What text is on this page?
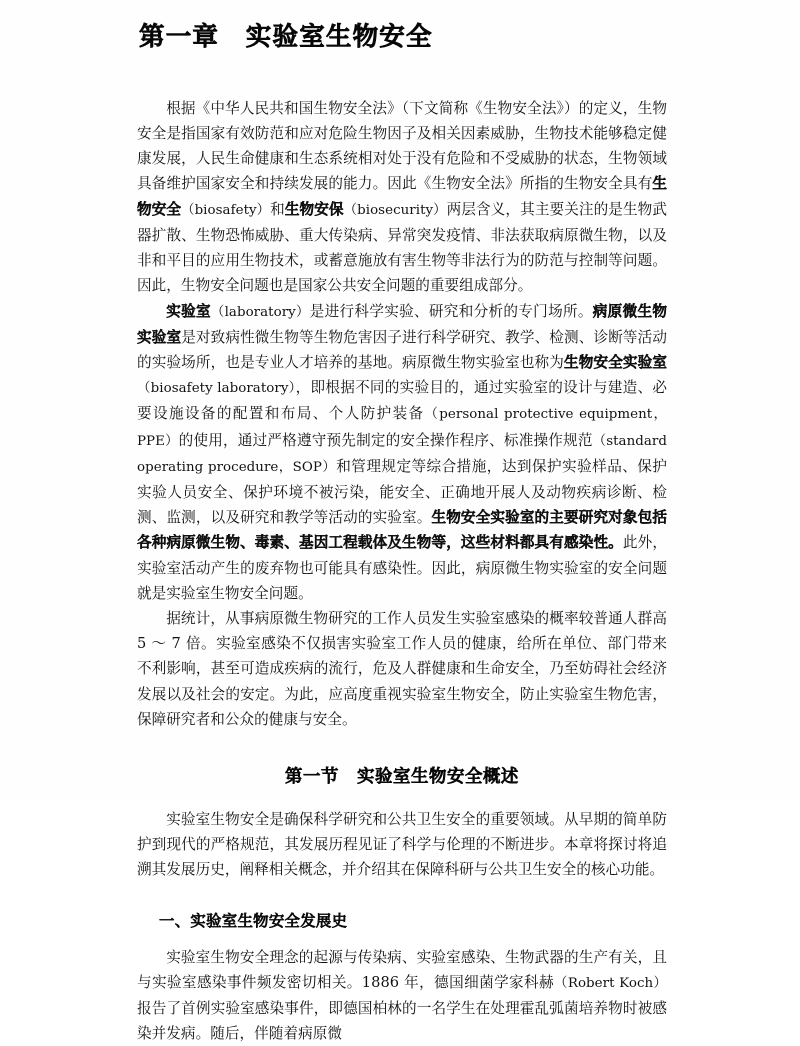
第一章　实验室生物安全

根据《中华人民共和国生物安全法》（下文简称《生物安全法》）的定义，生物安全是指国家有效防范和应对危险生物因子及相关因素威胁，生物技术能够稳定健康发展，人民生命健康和生态系统相对处于没有危险和不受威胁的状态，生物领域具备维护国家安全和持续发展的能力。因此《生物安全法》所指的生物安全具有生物安全（biosafety）和生物安保（biosecurity）两层含义，其主要关注的是生物武器扩散、生物恐怖威胁、重大传染病、异常突发疫情、非法获取病原微生物，以及非和平目的应用生物技术，或蓄意施放有害生物等非法行为的防范与控制等问题。因此，生物安全问题也是国家公共安全问题的重要组成部分。

实验室（laboratory）是进行科学实验、研究和分析的专门场所。病原微生物实验室是对致病性微生物等生物危害因子进行科学研究、教学、检测、诊断等活动的实验场所，也是专业人才培养的基地。病原微生物实验室也称为生物安全实验室（biosafety laboratory），即根据不同的实验目的，通过实验室的设计与建造、必要设施设备的配置和布局、个人防护装备（personal protective equipment，PPE）的使用，通过严格遵守预先制定的安全操作程序、标准操作规范（standard operating procedure，SOP）和管理规定等综合措施，达到保护实验样品、保护实验人员安全、保护环境不被污染，能安全、正确地开展人及动物疾病诊断、检测、监测，以及研究和教学等活动的实验室。生物安全实验室的主要研究对象包括各种病原微生物、毒素、基因工程载体及生物等，这些材料都具有感染性。此外，实验室活动产生的废弃物也可能具有感染性。因此，病原微生物实验室的安全问题就是实验室生物安全问题。

据统计，从事病原微生物研究的工作人员发生实验室感染的概率较普通人群高 5 ～ 7 倍。实验室感染不仅损害实验室工作人员的健康，给所在单位、部门带来不利影响，甚至可造成疾病的流行，危及人群健康和生命安全，乃至妨碍社会经济发展以及社会的安定。为此，应高度重视实验室生物安全，防止实验室生物危害，保障研究者和公众的健康与安全。

第一节　实验室生物安全概述

实验室生物安全是确保科学研究和公共卫生安全的重要领域。从早期的简单防护到现代的严格规范，其发展历程见证了科学与伦理的不断进步。本章将探讨将追溯其发展历史，阐释相关概念，并介绍其在保障科研与公共卫生安全的核心功能。

一、实验室生物安全发展史

实验室生物安全理念的起源与传染病、实验室感染、生物武器的生产有关，且与实验室感染事件频发密切相关。1886 年，德国细菌学家科赫（Robert Koch）报告了首例实验室感染事件，即德国柏林的一名学生在处理霍乱弧菌培养物时被感染并发病。随后，伴随着病原微
